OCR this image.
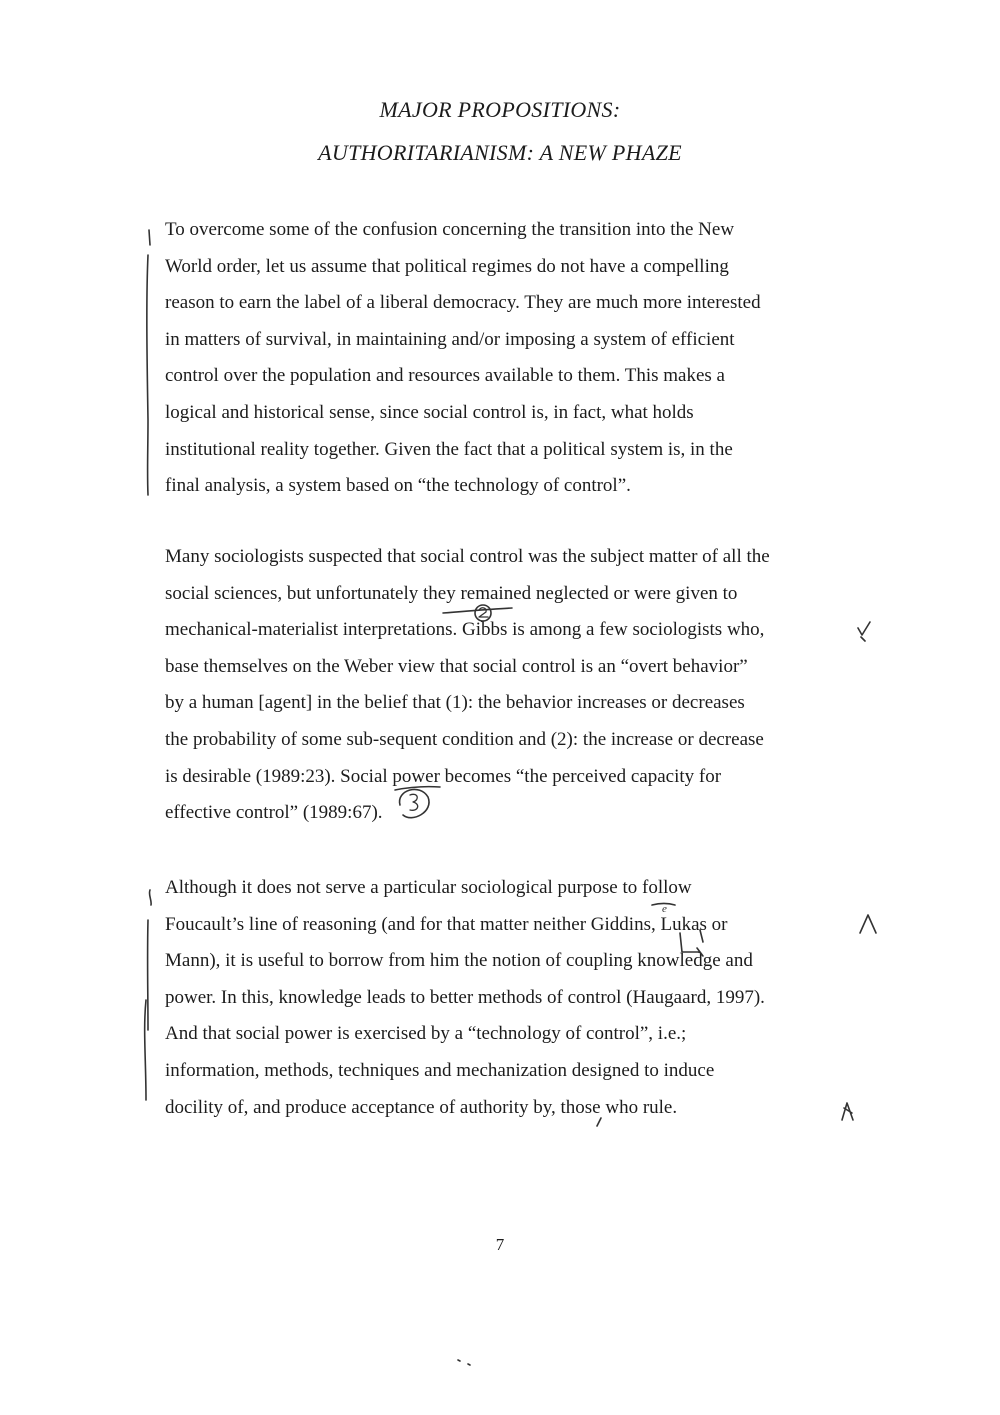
MAJOR PROPOSITIONS:
AUTHORITARIANISM: A NEW PHAZE
To overcome some of the confusion concerning the transition into the New
World order, let us assume that political regimes do not have a compelling
reason to earn the label of a liberal democracy. They are much more interested
in matters of survival, in maintaining and/or imposing a system of efficient
control over the population and resources available to them. This makes a
logical and historical sense, since social control is, in fact, what holds
institutional reality together. Given the fact that a political system is, in the
final analysis, a system based on “the technology of control”.
Many sociologists suspected that social control was the subject matter of all the
social sciences, but unfortunately they remained neglected or were given to
mechanical-materialist interpretations. Gibbs is among a few sociologists who,
base themselves on the Weber view that social control is an “overt behavior”
by a human [agent] in the belief that (1): the behavior increases or decreases
the probability of some sub-sequent condition and (2): the increase or decrease
is desirable (1989:23). Social power becomes “the perceived capacity for
effective control” (1989:67).
Although it does not serve a particular sociological purpose to follow
Foucault’s line of reasoning (and for that matter neither Giddins, Lukas or
Mann), it is useful to borrow from him the notion of coupling knowledge and
power. In this, knowledge leads to better methods of control (Haugaard, 1997).
And that social power is exercised by a “technology of control”, i.e.;
information, methods, techniques and mechanization designed to induce
docility of, and produce acceptance of authority by, those who rule.
7
e
